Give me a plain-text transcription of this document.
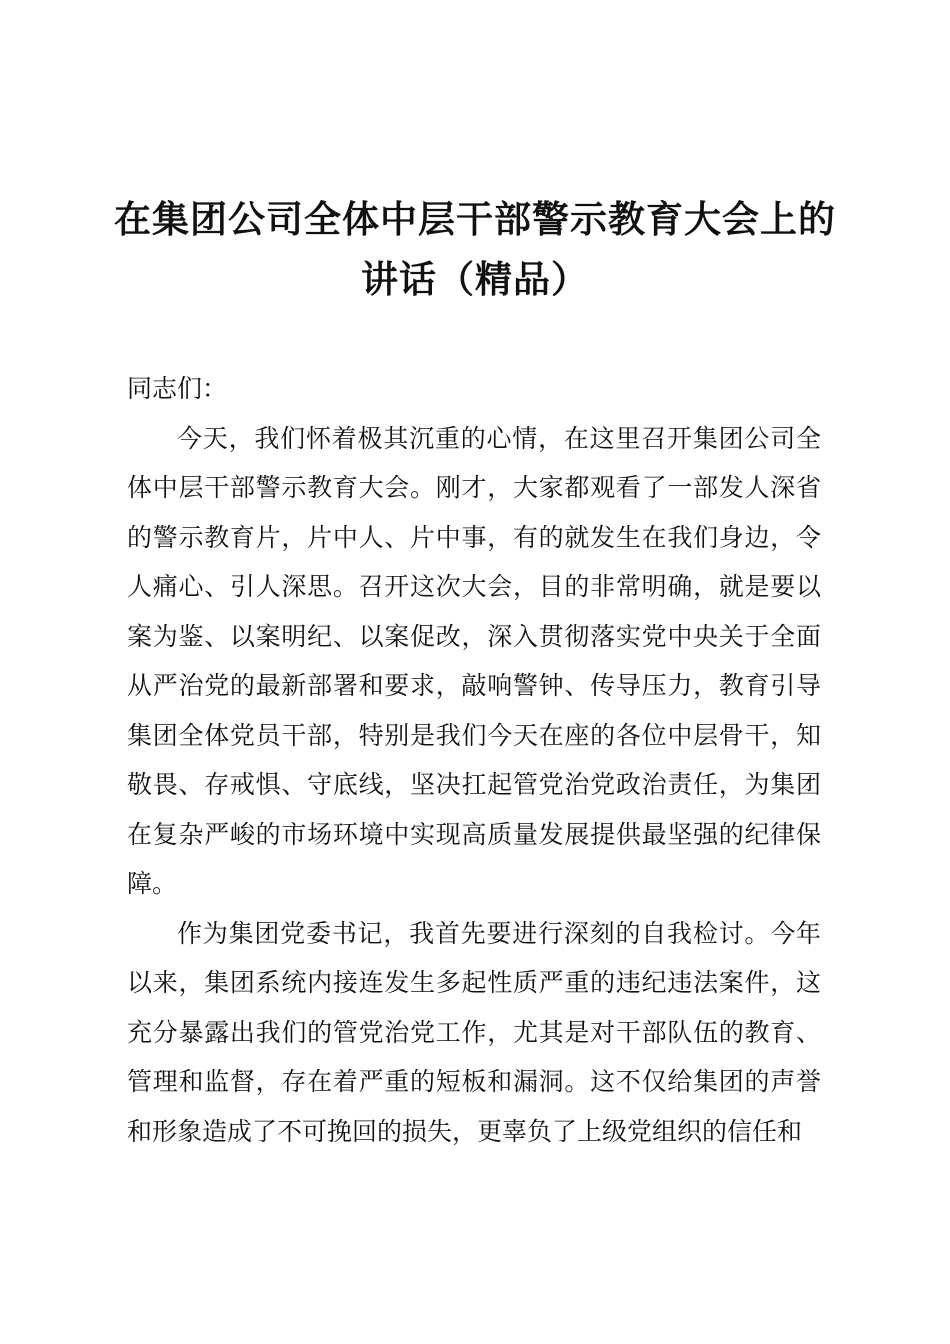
在集团公司全体中层干部警示教育大会上的讲话（精品）

同志们：

今天，我们怀着极其沉重的心情，在这里召开集团公司全体中层干部警示教育大会。刚才，大家都观看了一部发人深省的警示教育片，片中人、片中事，有的就发生在我们身边，令人痛心、引人深思。召开这次大会，目的非常明确，就是要以案为鉴、以案明纪、以案促改，深入贯彻落实党中央关于全面从严治党的最新部署和要求，敲响警钟、传导压力，教育引导集团全体党员干部，特别是我们今天在座的各位中层骨干，知敬畏、存戒惧、守底线，坚决扛起管党治党政治责任，为集团在复杂严峻的市场环境中实现高质量发展提供最坚强的纪律保障。

作为集团党委书记，我首先要进行深刻的自我检讨。今年以来，集团系统内接连发生多起性质严重的违纪违法案件，这充分暴露出我们的管党治党工作，尤其是对干部队伍的教育、管理和监督，存在着严重的短板和漏洞。这不仅给集团的声誉和形象造成了不可挽回的损失，更辜负了上级党组织的信任和
